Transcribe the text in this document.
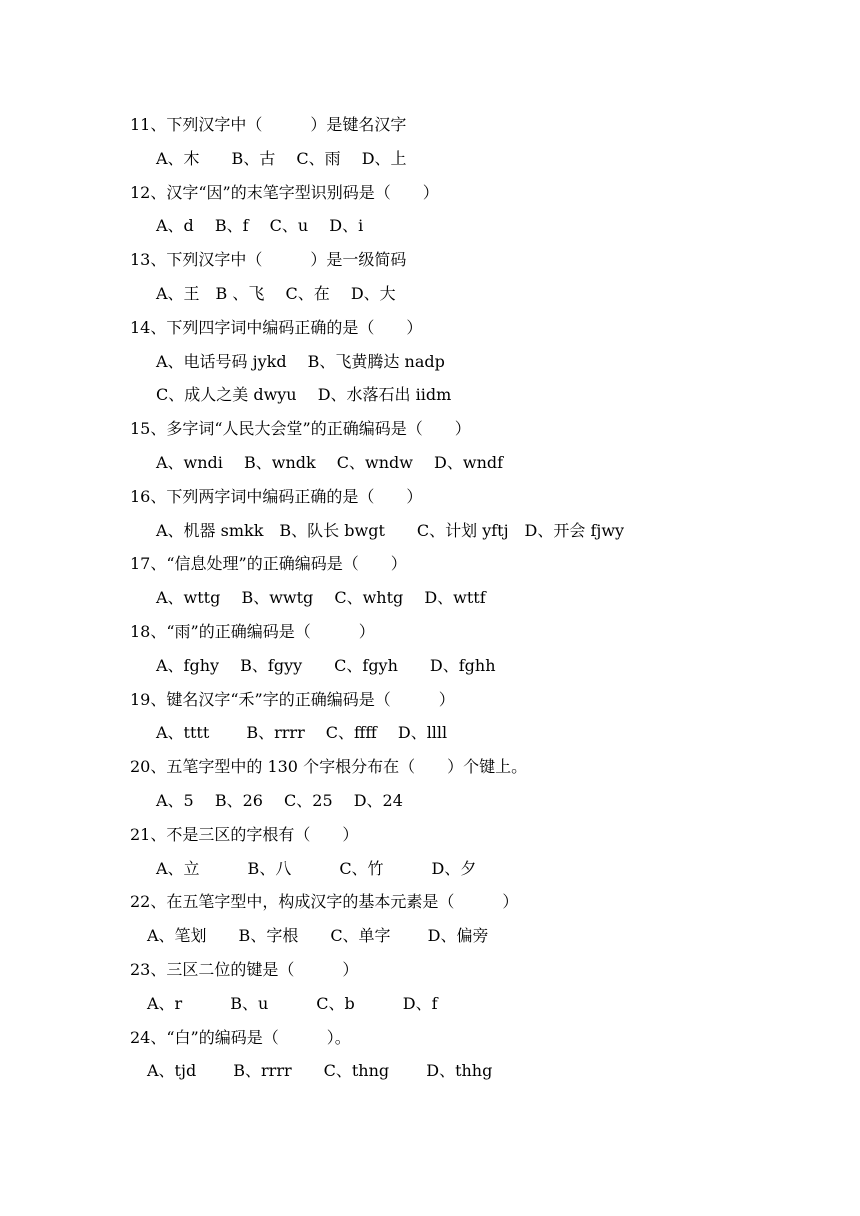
11、下列汉字中（　　　）是键名汉字
A、木　　B、古　 C、雨　 D、上
12、汉字“因”的末笔字型识别码是（　　）
A、d　 B、f　 C、u　 D、i
13、下列汉字中（　　　）是一级简码
A、王　B 、飞　 C、在　 D、大
14、下列四字词中编码正确的是（　　）
A、电话号码 jykd　 B、飞黄腾达 nadp
C、成人之美 dwyu　 D、水落石出 iidm
15、多字词“人民大会堂”的正确编码是（　　）
A、wndi　 B、wndk　 C、wndw　 D、wndf
16、下列两字词中编码正确的是（　　）
A、机器 smkk　B、队长 bwgt　　C、计划 yftj　D、开会 fjwy
17、“信息处理”的正确编码是（　　）
A、wttg　 B、wwtg　 C、whtg　 D、wttf
18、“雨”的正确编码是（　　　）
A、fghy　 B、fgyy　　C、fgyh　　D、fghh
19、键名汉字“禾”字的正确编码是（　　　）
A、tttt　　 B、rrrr　 C、ffff　 D、llll
20、五笔字型中的 130 个字根分布在（　　）个键上。
A、5　 B、26　 C、25　 D、24
21、不是三区的字根有（　　）
A、立　　　B、八　　　C、竹　　　D、夕
22、在五笔字型中，构成汉字的基本元素是（　　　）
A、笔划　　B、字根　　C、单字　　 D、偏旁
23、三区二位的键是（　　　）
A、r　　　B、u　　　C、b　　　D、f
24、“白”的编码是（　　　）。
A、tjd　　 B、rrrr　　C、thng　　 D、thhg
